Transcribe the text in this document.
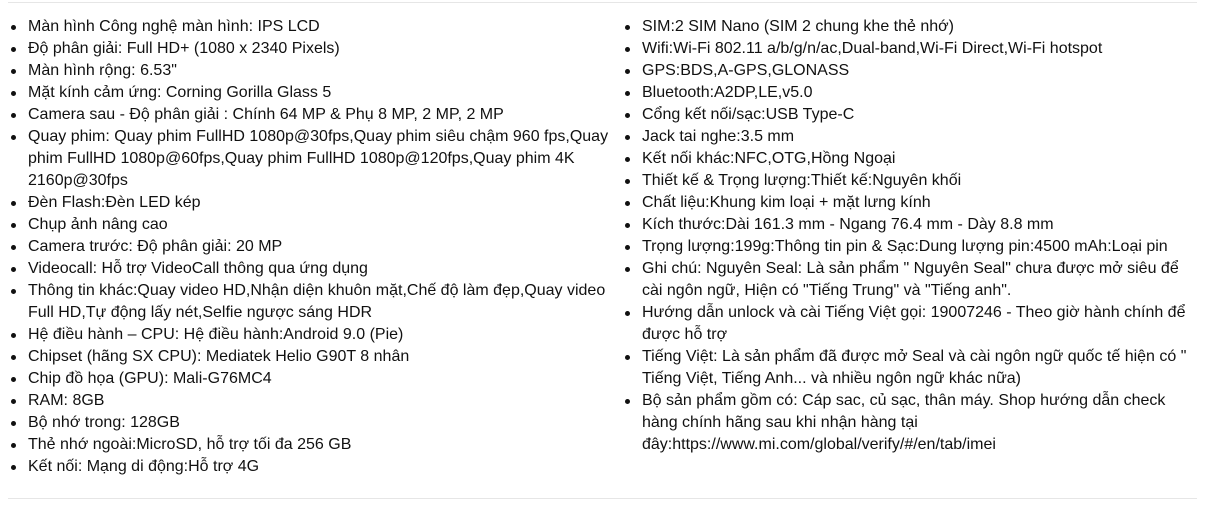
Màn hình Công nghệ màn hình: IPS LCD
Độ phân giải: Full HD+ (1080 x 2340 Pixels)
Màn hình rộng: 6.53"
Mặt kính cảm ứng: Corning Gorilla Glass 5
Camera sau - Độ phân giải : Chính 64 MP & Phụ 8 MP, 2 MP, 2 MP
Quay phim: Quay phim FullHD 1080p@30fps,Quay phim siêu chậm 960 fps,Quay phim FullHD 1080p@60fps,Quay phim FullHD 1080p@120fps,Quay phim 4K 2160p@30fps
Đèn Flash:Đèn LED kép
Chụp ảnh nâng cao
Camera trước: Độ phân giải: 20 MP
Videocall: Hỗ trợ VideoCall thông qua ứng dụng
Thông tin khác:Quay video HD,Nhận diện khuôn mặt,Chế độ làm đẹp,Quay video Full HD,Tự động lấy nét,Selfie ngược sáng HDR
Hệ điều hành – CPU: Hệ điều hành:Android 9.0 (Pie)
Chipset (hãng SX CPU): Mediatek Helio G90T 8 nhân
Chip đồ họa (GPU): Mali-G76MC4
RAM: 8GB
Bộ nhớ trong: 128GB
Thẻ nhớ ngoài:MicroSD, hỗ trợ tối đa 256 GB
Kết nối: Mạng di động:Hỗ trợ 4G
SIM:2 SIM Nano (SIM 2 chung khe thẻ nhớ)
Wifi:Wi-Fi 802.11 a/b/g/n/ac,Dual-band,Wi-Fi Direct,Wi-Fi hotspot
GPS:BDS,A-GPS,GLONASS
Bluetooth:A2DP,LE,v5.0
Cổng kết nối/sạc:USB Type-C
Jack tai nghe:3.5 mm
Kết nối khác:NFC,OTG,Hồng Ngoại
Thiết kế & Trọng lượng:Thiết kế:Nguyên khối
Chất liệu:Khung kim loại + mặt lưng kính
Kích thước:Dài 161.3 mm - Ngang 76.4 mm - Dày 8.8 mm
Trọng lượng:199g:Thông tin pin & Sạc:Dung lượng pin:4500 mAh:Loại pin
Ghi chú: Nguyên Seal: Là sản phẩm " Nguyên Seal" chưa được mở siêu để cài ngôn ngữ, Hiện có "Tiếng Trung" và "Tiếng anh".
Hướng dẫn unlock và cài Tiếng Việt gọi: 19007246 - Theo giờ hành chính để được hỗ trợ
Tiếng Việt: Là sản phẩm đã được mở Seal và cài ngôn ngữ quốc tế hiện có " Tiếng Việt, Tiếng Anh... và nhiều ngôn ngữ khác nữa)
Bộ sản phẩm gồm có: Cáp sac, củ sạc, thân máy. Shop hướng dẫn check hàng chính hãng sau khi nhận hàng tại đây:https://www.mi.com/global/verify/#/en/tab/imei
